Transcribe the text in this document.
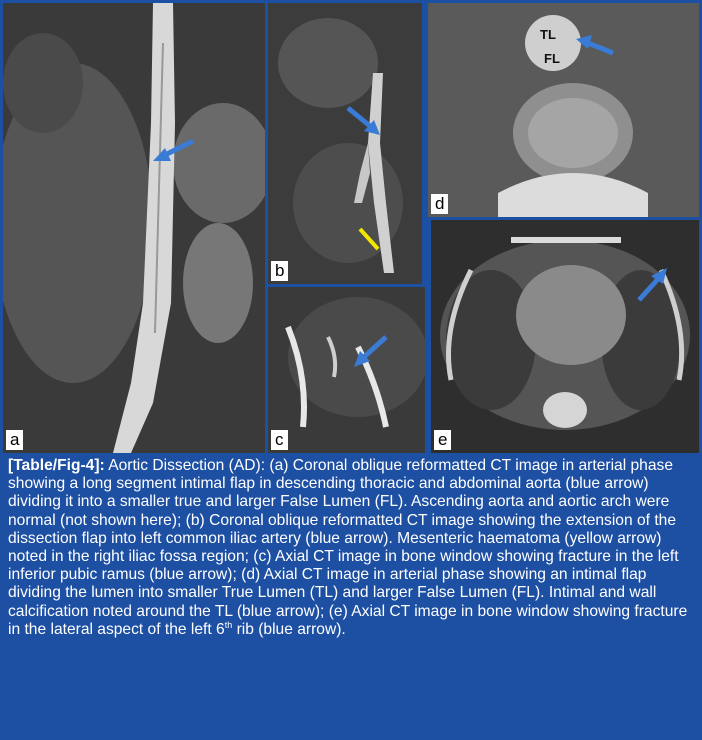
a
b
c
TL
FL
d
e
[Table/Fig-4]: Aortic Dissection (AD): (a) Coronal oblique reformatted CT image in arterial phase showing a long segment intimal flap in descending thoracic and abdominal aorta (blue arrow) dividing it into a smaller true and larger False Lumen (FL). Ascending aorta and aortic arch were normal (not shown here); (b) Coronal oblique reformatted CT image showing the extension of the dissection flap into left common iliac artery (blue arrow). Mesenteric haematoma (yellow arrow) noted in the right iliac fossa region; (c) Axial CT image in bone window showing fracture in the left inferior pubic ramus (blue arrow); (d) Axial CT image in arterial phase showing an intimal flap dividing the lumen into smaller True Lumen (TL) and larger False Lumen (FL). Intimal and wall calcification noted around the TL (blue arrow); (e) Axial CT image in bone window showing fracture in the lateral aspect of the left 6th rib (blue arrow).
